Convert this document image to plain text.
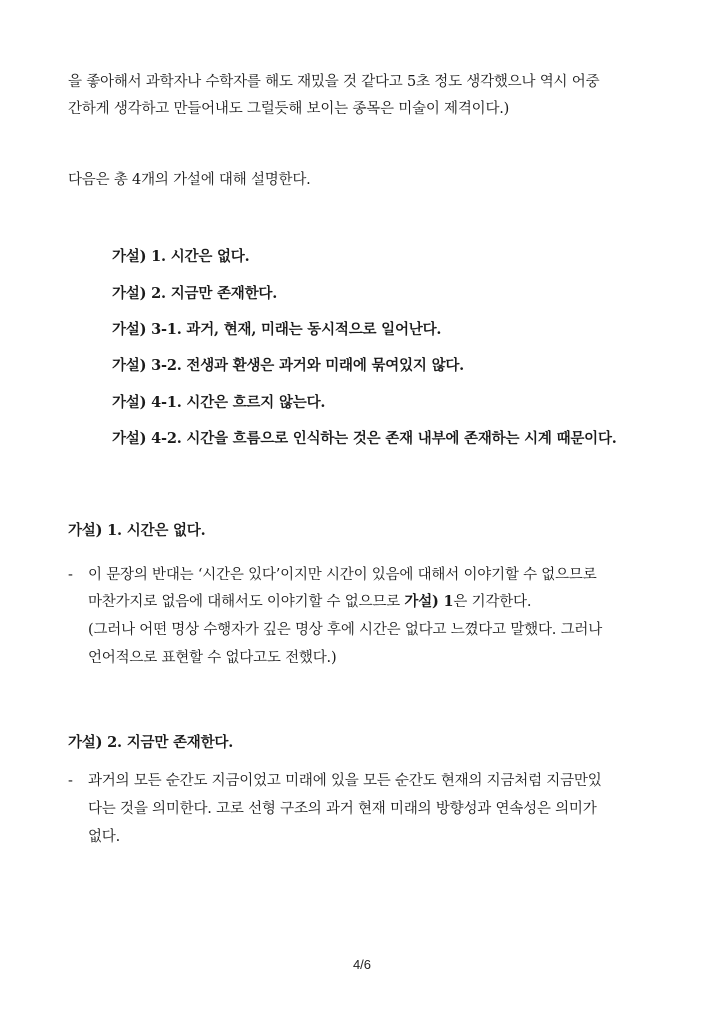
을 좋아해서 과학자나 수학자를 해도 재밌을 것 같다고 5초 정도 생각했으나 역시 어중
간하게 생각하고 만들어내도 그럴듯해 보이는 종목은 미술이 제격이다.)
다음은 총 4개의 가설에 대해 설명한다.
가설) 1. 시간은 없다.
가설) 2. 지금만 존재한다.
가설) 3-1. 과거, 현재, 미래는 동시적으로 일어난다.
가설) 3-2. 전생과 환생은 과거와 미래에 묶여있지 않다.
가설) 4-1. 시간은 흐르지 않는다.
가설) 4-2. 시간을 흐름으로 인식하는 것은 존재 내부에 존재하는 시계 때문이다.
가설) 1. 시간은 없다.
- 이 문장의 반대는 ‘시간은 있다’이지만 시간이 있음에 대해서 이야기할 수 없으므로
마찬가지로 없음에 대해서도 이야기할 수 없으므로 가설) 1은 기각한다.
(그러나 어떤 명상 수행자가 깊은 명상 후에 시간은 없다고 느꼈다고 말했다. 그러나
언어적으로 표현할 수 없다고도 전했다.)
가설) 2. 지금만 존재한다.
- 과거의 모든 순간도 지금이었고 미래에 있을 모든 순간도 현재의 지금처럼 지금만있
다는 것을 의미한다. 고로 선형 구조의 과거 현재 미래의 방향성과 연속성은 의미가
없다.
4/6
